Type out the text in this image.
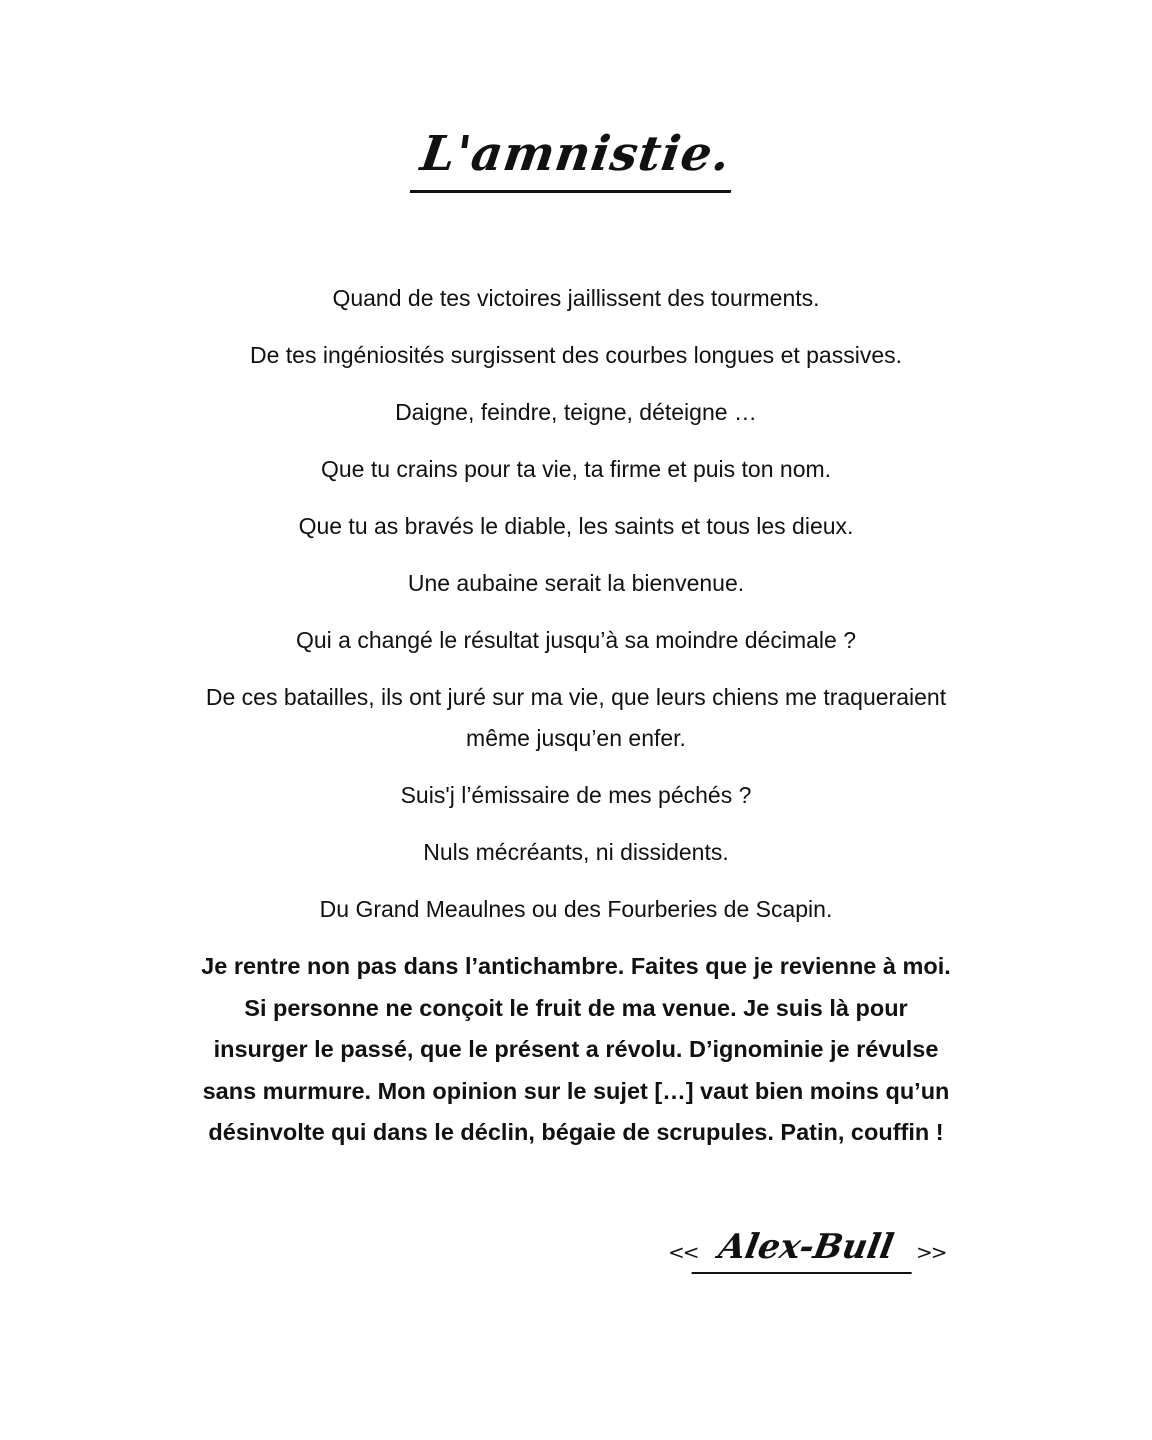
L'amnistie.

Quand de tes victoires jaillissent des tourments.

De tes ingéniosités surgissent des courbes longues et passives.

Daigne, feindre, teigne, déteigne …

Que tu crains pour ta vie, ta firme et puis ton nom.

Que tu as bravés le diable, les saints et tous les dieux.

Une aubaine serait la bienvenue.

Qui a changé le résultat jusqu’à sa moindre décimale ?

De ces batailles, ils ont juré sur ma vie, que leurs chiens me traqueraient même jusqu’en enfer.

Suis'j l’émissaire de mes péchés ?

Nuls mécréants, ni dissidents.

Du Grand Meaulnes ou des Fourberies de Scapin.

Je rentre non pas dans l’antichambre. Faites que je revienne à moi. Si personne ne conçoit le fruit de ma venue. Je suis là pour insurger le passé, que le présent a révolu. D’ignominie je révulse sans murmure. Mon opinion sur le sujet […] vaut bien moins qu’un désinvolte qui dans le déclin, bégaie de scrupules. Patin, couffin !

<< Alex-Bull >>
